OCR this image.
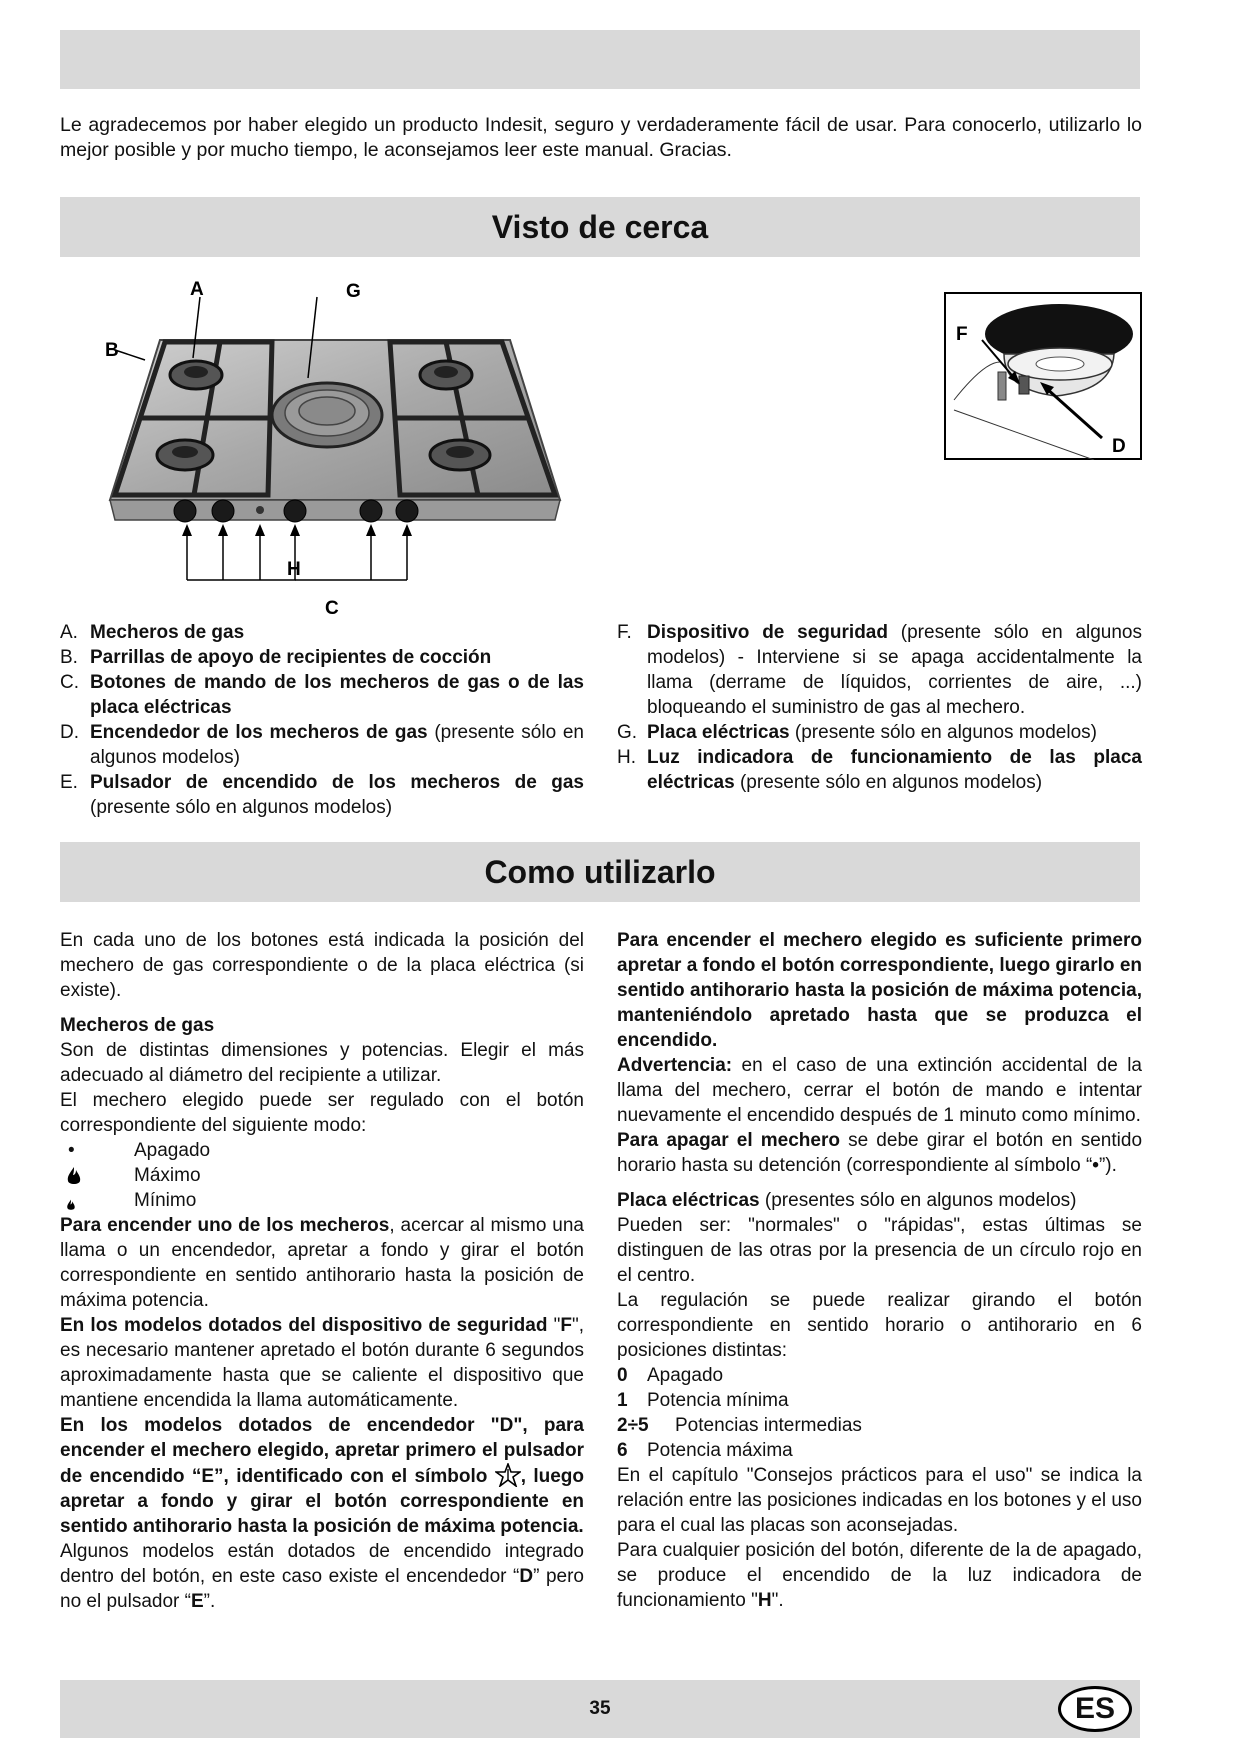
Le agradecemos por haber elegido un producto Indesit, seguro y verdaderamente fácil de usar. Para conocerlo, utilizarlo lo mejor posible y por mucho tiempo, le aconsejamos leer este manual. Gracias.

Visto de cerca
A	G
B
H
C
F
D
A. Mecheros de gas
B. Parrillas de apoyo de recipientes de cocción
C. Botones de mando de los mecheros de gas o de las placa eléctricas
D. Encendedor de los mecheros de gas (presente sólo en algunos modelos)
E. Pulsador de encendido de los mecheros de gas (presente sólo en algunos modelos)
F. Dispositivo de seguridad (presente sólo en algunos modelos) - Interviene si se apaga accidentalmente la llama (derrame de líquidos, corrientes de aire, ...) bloqueando el suministro de gas al mechero.
G. Placa eléctricas (presente sólo en algunos modelos)
H. Luz indicadora de funcionamiento de las placa eléctricas (presente sólo en algunos modelos)
Como utilizarlo

En cada uno de los botones está indicada la posición del mechero de gas correspondiente o de la placa eléctrica (si existe).

Mecheros de gas

Son de distintas dimensiones y potencias. Elegir el más adecuado al diámetro del recipiente a utilizar.

El mechero elegido puede ser regulado con el botón correspondiente del siguiente modo:

•	Apagado
Máximo
Mínimo

Para encender uno de los mecheros, acercar al mismo una llama o un encendedor, apretar a fondo y girar el botón correspondiente en sentido antihorario hasta la posición de máxima potencia.

En los modelos dotados del dispositivo de seguridad "F", es necesario mantener apretado el botón durante 6 segundos aproximadamente hasta que se caliente el dispositivo que mantiene encendida la llama automáticamente.

En los modelos dotados de encendedor "D", para encender el mechero elegido, apretar primero el pulsador de encendido “E”, identificado con el símbolo , luego apretar a fondo y girar el botón correspondiente en sentido antihorario hasta la posición de máxima potencia.

Algunos modelos están dotados de encendido integrado dentro del botón, en este caso existe el encendedor “D” pero no el pulsador “E”.

Para encender el mechero elegido es suficiente primero apretar a fondo el botón correspondiente, luego girarlo en sentido antihorario hasta la posición de máxima potencia, manteniéndolo apretado hasta que se produzca el encendido.

Advertencia: en el caso de una extinción accidental de la llama del mechero, cerrar el botón de mando e intentar nuevamente el encendido después de 1 minuto como mínimo.

Para apagar el mechero se debe girar el botón en sentido horario hasta su detención (correspondiente al símbolo “•”).

Placa eléctricas (presentes sólo en algunos modelos)

Pueden ser: "normales" o "rápidas", estas últimas se distinguen de las otras por la presencia de un círculo rojo en el centro.

La regulación se puede realizar girando el botón correspondiente en sentido horario o antihorario en 6 posiciones distintas:

0	Apagado
1	Potencia mínima
2÷5	Potencias intermedias
6	Potencia máxima

En el capítulo "Consejos prácticos para el uso" se indica la relación entre las posiciones indicadas en los botones y el uso para el cual las placas son aconsejadas.

Para cualquier posición del botón, diferente de la de apagado, se produce el encendido de la luz indicadora de funcionamiento "H".

35	ES
